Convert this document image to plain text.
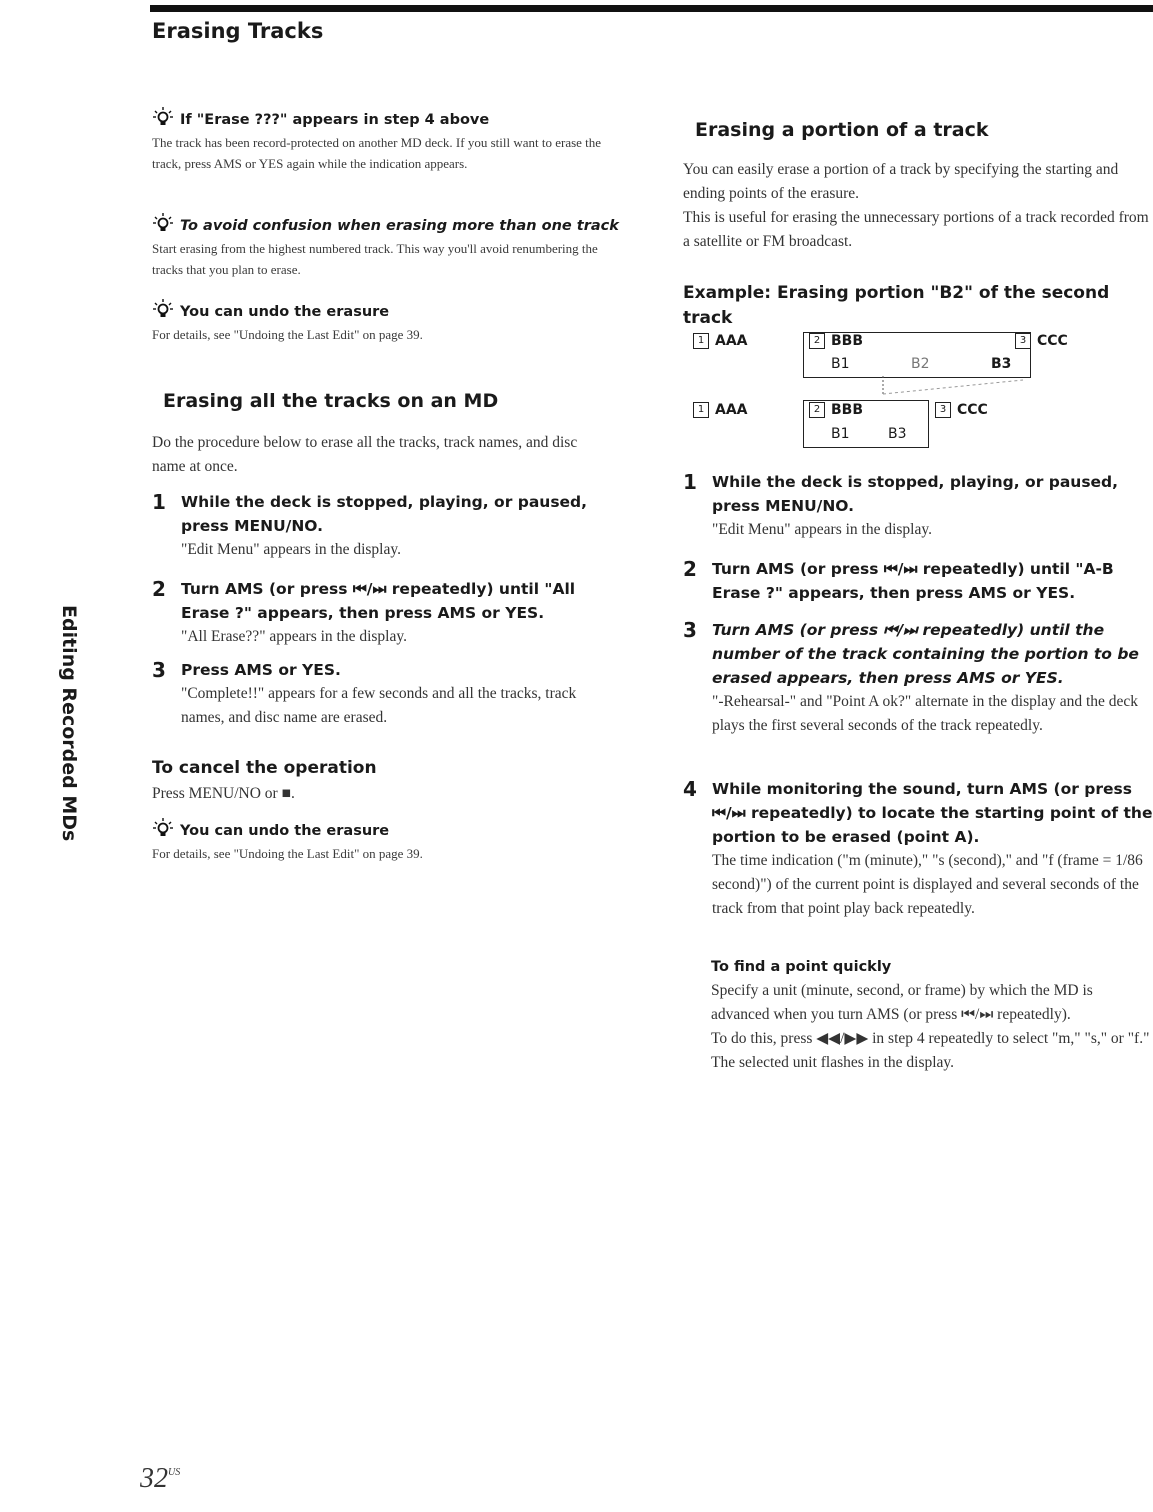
Erasing Tracks
Editing Recorded MDs
If "Erase ???" appears in step 4 above

The track has been record-protected on another MD deck. If you still want to erase the track, press AMS or YES again while the indication appears.

To avoid confusion when erasing more than one track

Start erasing from the highest numbered track. This way you'll avoid renumbering the tracks that you plan to erase.

You can undo the erasure

For details, see "Undoing the Last Edit" on page 39.

Erasing all the tracks on an MD

Do the procedure below to erase all the tracks, track names, and disc name at once.

1 While the deck is stopped, playing, or paused, press MENU/NO.

"Edit Menu" appears in the display.

2 Turn AMS (or press ⏮/⏭ repeatedly) until "All Erase ?" appears, then press AMS or YES.

"All Erase??" appears in the display.

3 Press AMS or YES.

"Complete!!" appears for a few seconds and all the tracks, track names, and disc name are erased.

To cancel the operation

Press MENU/NO or ■.

You can undo the erasure

For details, see "Undoing the Last Edit" on page 39.

Erasing a portion of a track

You can easily erase a portion of a track by specifying the starting and ending points of the erasure.

This is useful for erasing the unnecessary portions of a track recorded from a satellite or FM broadcast.

Example: Erasing portion "B2" of the second track

1 AAA	2 BBB
B1	B2	B3
3 CCC
1 AAA	2 BBB
B1	B3
3 CCC
1 While the deck is stopped, playing, or paused, press MENU/NO.

"Edit Menu" appears in the display.

2 Turn AMS (or press ⏮/⏭ repeatedly) until "A-B Erase ?" appears, then press AMS or YES.

3 Turn AMS (or press ⏮/⏭ repeatedly) until the number of the track containing the portion to be erased appears, then press AMS or YES.

"-Rehearsal-" and "Point A ok?" alternate in the display and the deck plays the first several seconds of the track repeatedly.

4 While monitoring the sound, turn AMS (or press ⏮/⏭ repeatedly) to locate the starting point of the portion to be erased (point A).

The time indication ("m (minute)," "s (second)," and "f (frame = 1/86 second)") of the current point is displayed and several seconds of the track from that point play back repeatedly.

To find a point quickly

Specify a unit (minute, second, or frame) by which the MD is advanced when you turn AMS (or press ⏮/⏭ repeatedly).

To do this, press ◀◀/▶▶ in step 4 repeatedly to select "m," "s," or "f." The selected unit flashes in the display.

$32^{US}$
